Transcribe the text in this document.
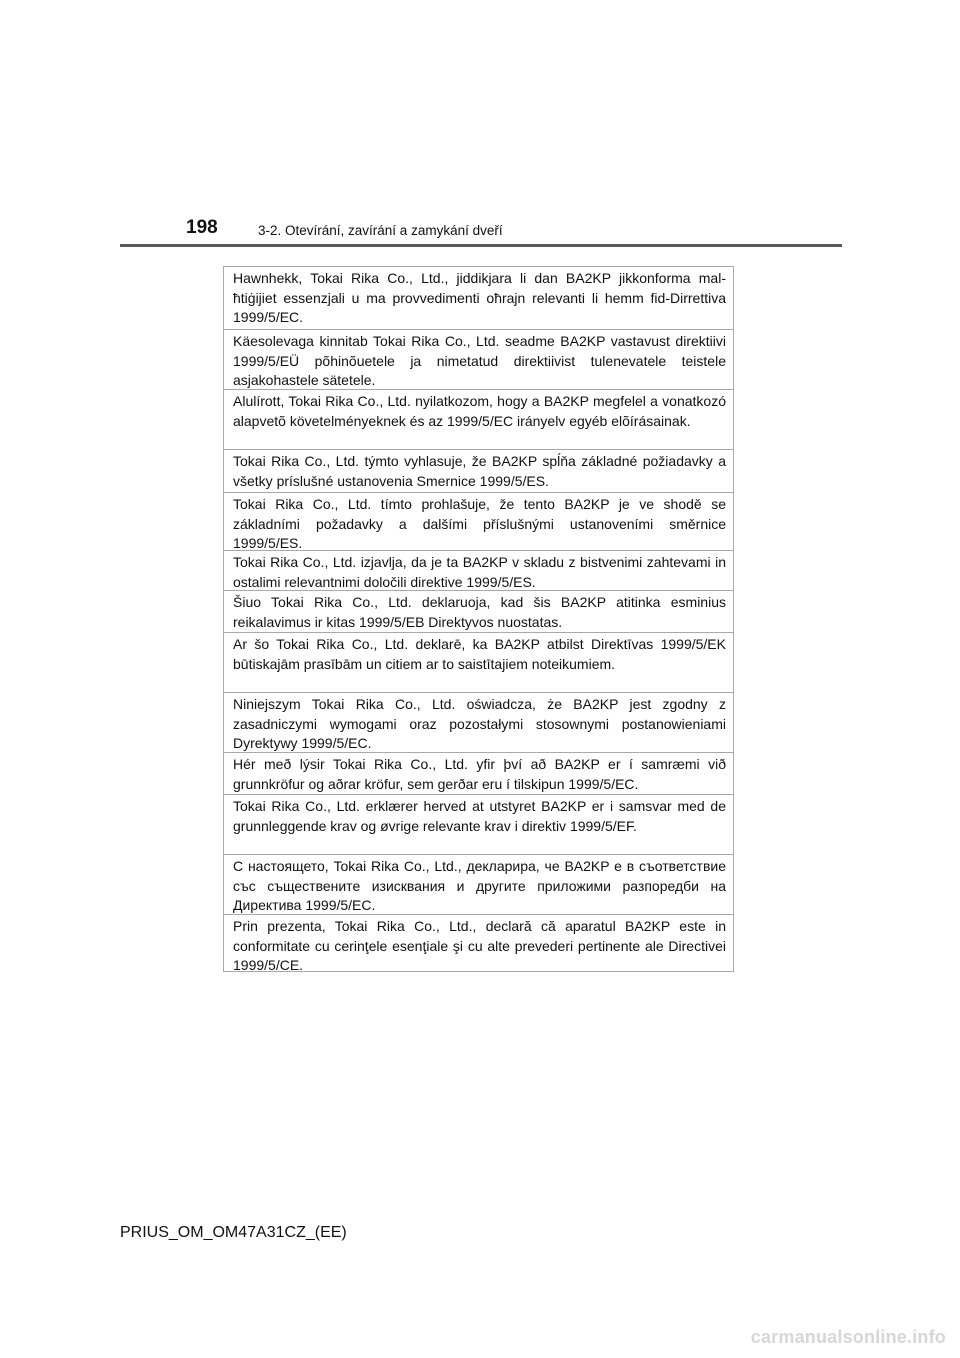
198	3-2. Otevírání, zavírání a zamykání dveří
Hawnhekk, Tokai Rika Co., Ltd., jiddikjara li dan BA2KP jikkonforma mal-ħtiġijiet essenzjali u ma provvedimenti oħrajn relevanti li hemm fid-Dirrettiva 1999/5/EC.
Käesolevaga kinnitab Tokai Rika Co., Ltd. seadme BA2KP vastavust direktiivi 1999/5/EÜ põhinõuetele ja nimetatud direktiivist tulenevatele teistele asjakohastele sätetele.
Alulírott, Tokai Rika Co., Ltd. nyilatkozom, hogy a BA2KP megfelel a vonatkozó alapvetõ követelményeknek és az 1999/5/EC irányelv egyéb elõírásainak.
Tokai Rika Co., Ltd. týmto vyhlasuje, že BA2KP spĺňa základné požiadavky a všetky príslušné ustanovenia Smernice 1999/5/ES.
Tokai Rika Co., Ltd. tímto prohlašuje, že tento BA2KP je ve shodě se základními požadavky a dalšími příslušnými ustanoveními směrnice 1999/5/ES.
Tokai Rika Co., Ltd. izjavlja, da je ta BA2KP v skladu z bistvenimi zahtevami in ostalimi relevantnimi določili direktive 1999/5/ES.
Šiuo Tokai Rika Co., Ltd. deklaruoja, kad šis BA2KP atitinka esminius reikalavimus ir kitas 1999/5/EB Direktyvos nuostatas.
Ar šo Tokai Rika Co., Ltd. deklarē, ka BA2KP atbilst Direktīvas 1999/5/EK būtiskajām prasībām un citiem ar to saistītajiem noteikumiem.
Niniejszym Tokai Rika Co., Ltd. oświadcza, że BA2KP jest zgodny z zasadniczymi wymogami oraz pozostałymi stosownymi postanowieniami Dyrektywy 1999/5/EC.
Hér með lýsir Tokai Rika Co., Ltd. yfir því að BA2KP er í samræmi við grunnkröfur og aðrar kröfur, sem gerðar eru í tilskipun 1999/5/EC.
Tokai Rika Co., Ltd. erklærer herved at utstyret BA2KP er i samsvar med de grunnleggende krav og øvrige relevante krav i direktiv 1999/5/EF.
С настоящето, Tokai Rika Co., Ltd., декларира, че BA2KP е в съответствие със съществените изисквания и другите приложими разпоредби на Директива 1999/5/ЕС.
Prin prezenta, Tokai Rika Co., Ltd., declară că aparatul BA2KP este in conformitate cu cerinţele esenţiale şi cu alte prevederi pertinente ale Directivei 1999/5/CE.
PRIUS_OM_OM47A31CZ_(EE)
carmanualsonline.info
